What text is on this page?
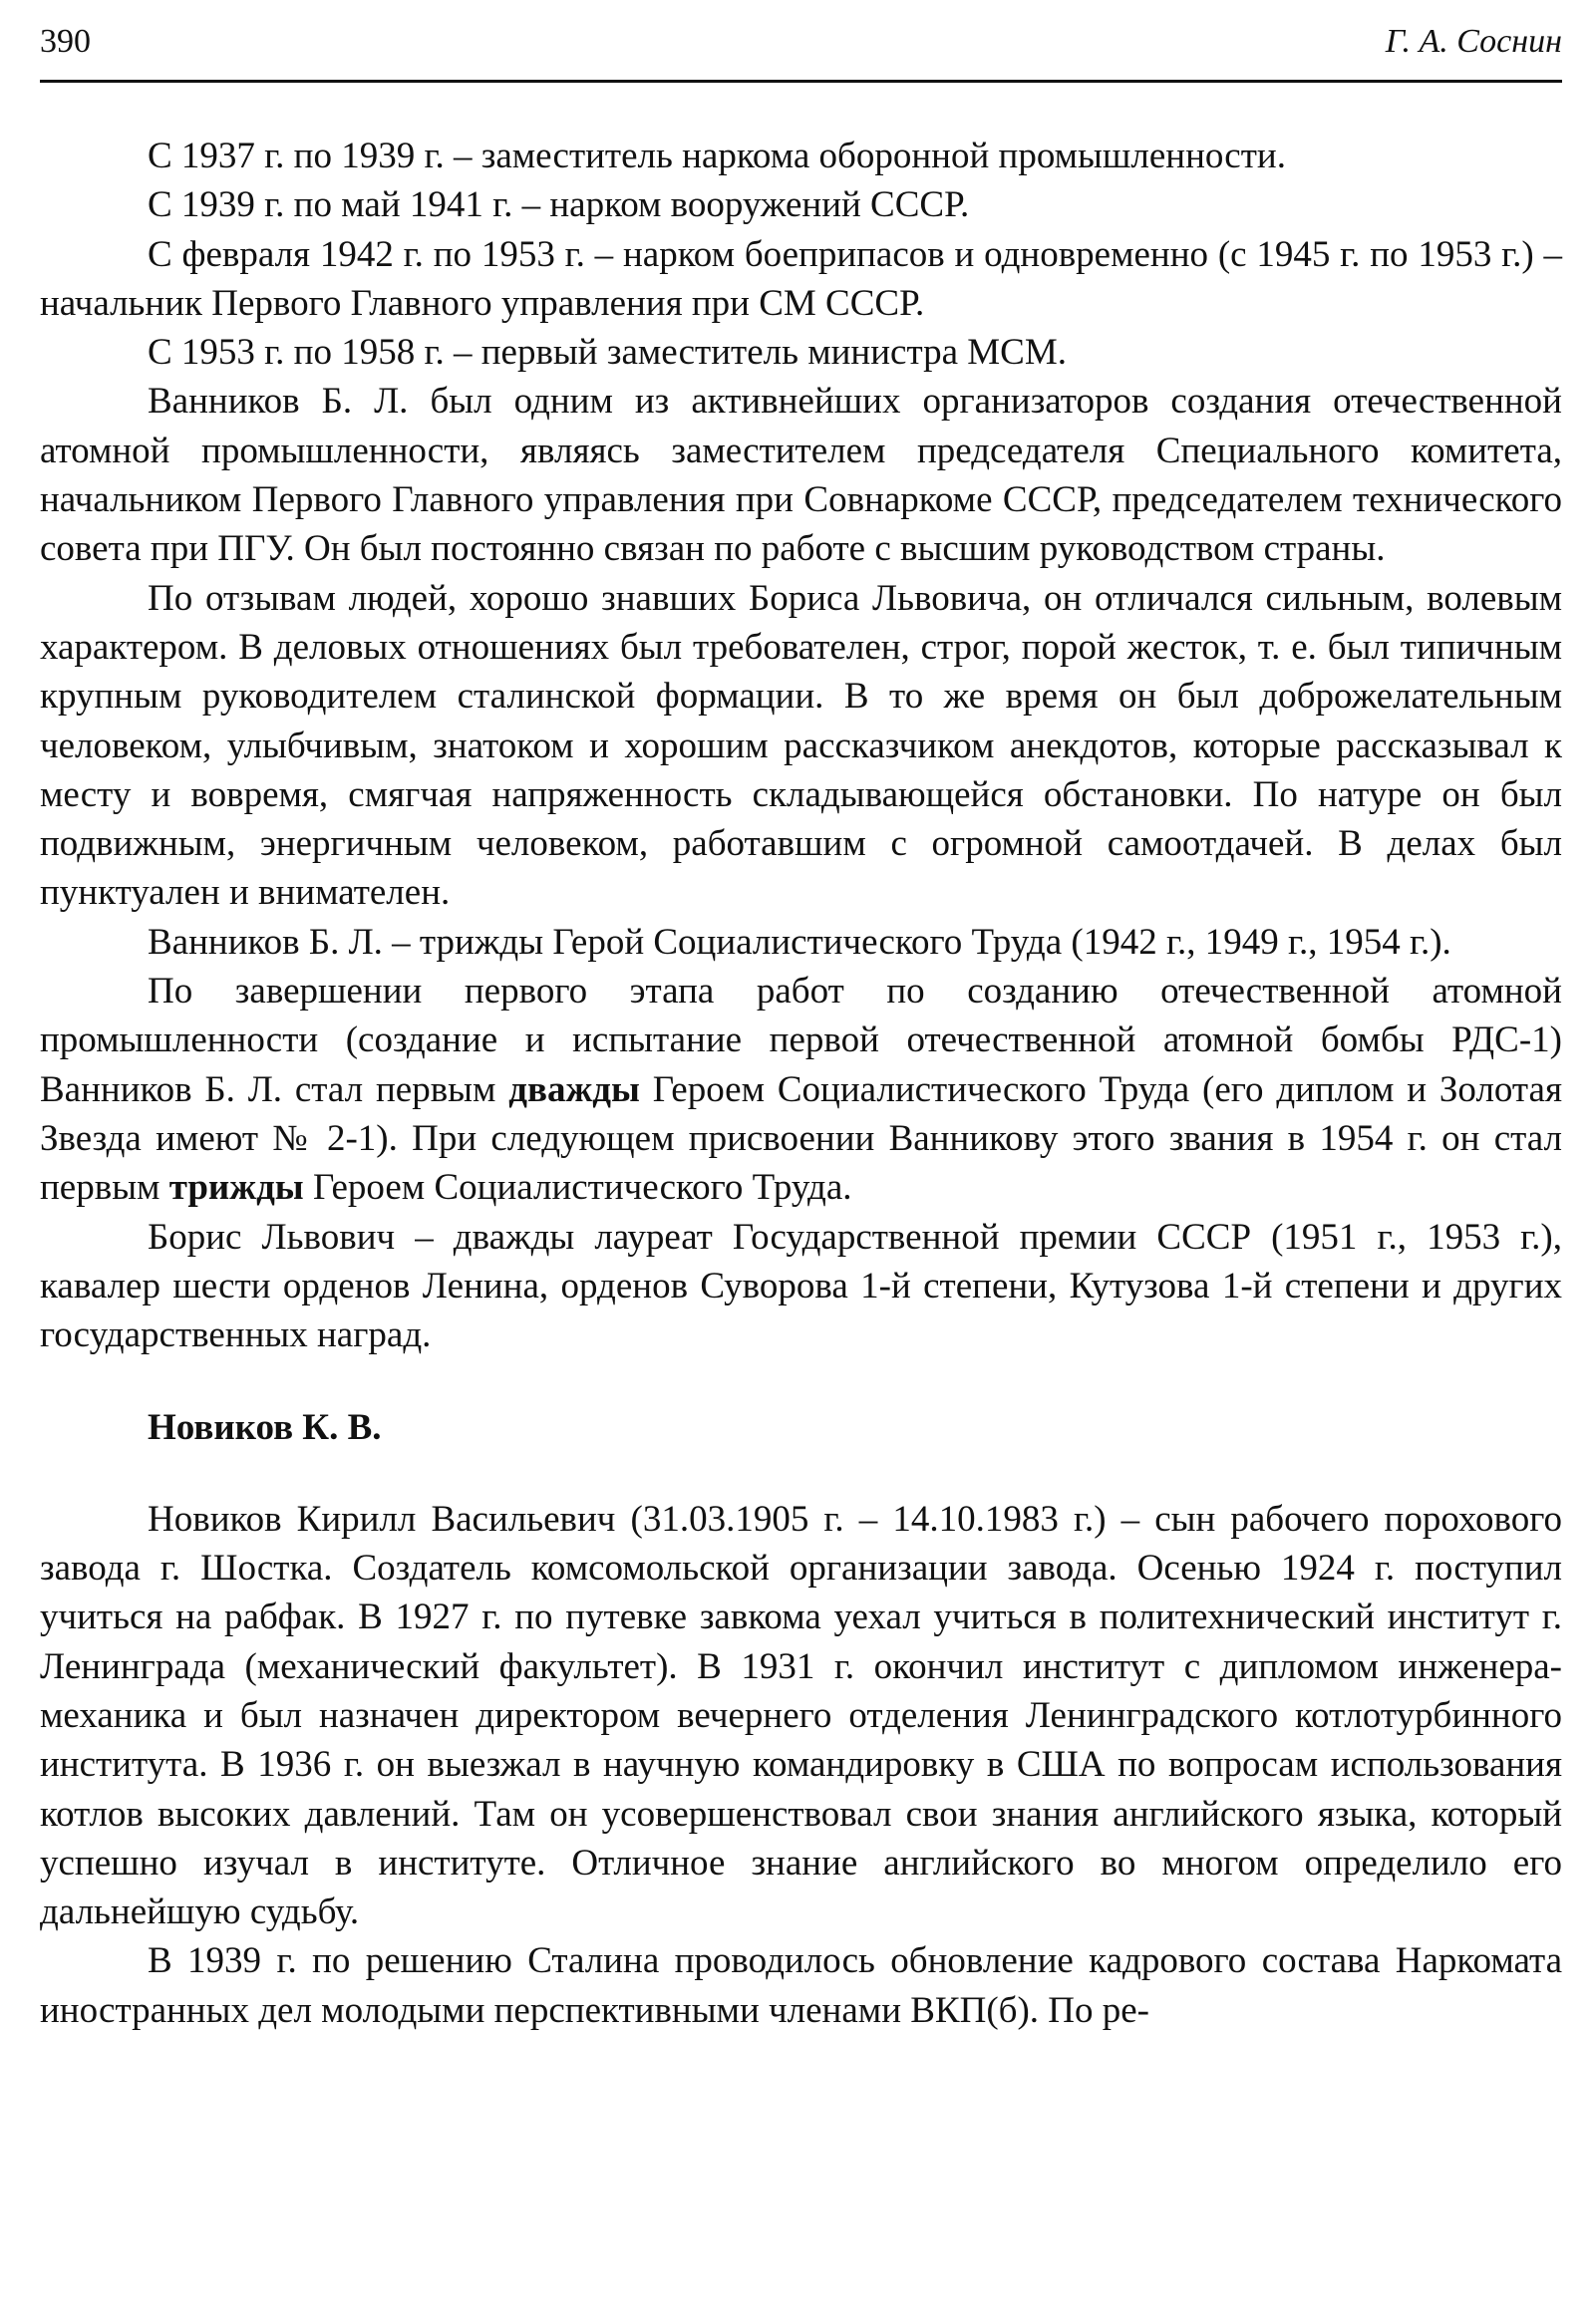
390	Г. А. Соснин

С 1937 г. по 1939 г. – заместитель наркома оборонной промышленности.

С 1939 г. по май 1941 г. – нарком вооружений СССР.

С февраля 1942 г. по 1953 г. – нарком боеприпасов и одновременно (с 1945 г. по 1953 г.) – начальник Первого Главного управления при СМ СССР.

С 1953 г. по 1958 г. – первый заместитель министра МСМ.

Ванников Б. Л. был одним из активнейших организаторов создания отечественной атомной промышленности, являясь заместителем председателя Специального комитета, начальником Первого Главного управления при Совнаркоме СССР, председателем технического совета при ПГУ. Он был постоянно связан по работе с высшим руководством страны.

По отзывам людей, хорошо знавших Бориса Львовича, он отличался сильным, волевым характером. В деловых отношениях был требователен, строг, порой жесток, т. е. был типичным крупным руководителем сталинской формации. В то же время он был доброжелательным человеком, улыбчивым, знатоком и хорошим рассказчиком анекдотов, которые рассказывал к месту и вовремя, смягчая напряженность складывающейся обстановки. По натуре он был подвижным, энергичным человеком, работавшим с огромной самоотдачей. В делах был пунктуален и внимателен.

Ванников Б. Л. – трижды Герой Социалистического Труда (1942 г., 1949 г., 1954 г.).

По завершении первого этапа работ по созданию отечественной атомной промышленности (создание и испытание первой отечественной атомной бомбы РДС-1) Ванников Б. Л. стал первым дважды Героем Социалистического Труда (его диплом и Золотая Звезда имеют № 2-1). При следующем присвоении Ванникову этого звания в 1954 г. он стал первым трижды Героем Социалистического Труда.

Борис Львович – дважды лауреат Государственной премии СССР (1951 г., 1953 г.), кавалер шести орденов Ленина, орденов Суворова 1-й степени, Кутузова 1-й степени и других государственных наград.

Новиков К. В.

Новиков Кирилл Васильевич (31.03.1905 г. – 14.10.1983 г.) – сын рабочего порохового завода г. Шостка. Создатель комсомольской организации завода. Осенью 1924 г. поступил учиться на рабфак. В 1927 г. по путевке завкома уехал учиться в политехнический институт г. Ленинграда (механический факультет). В 1931 г. окончил институт с дипломом инженера-механика и был назначен директором вечернего отделения Ленинградского котлотурбинного института. В 1936 г. он выезжал в научную командировку в США по вопросам использования котлов высоких давлений. Там он усовершенствовал свои знания английского языка, который успешно изучал в институте. Отличное знание английского во многом определило его дальнейшую судьбу.

В 1939 г. по решению Сталина проводилось обновление кадрового состава Наркомата иностранных дел молодыми перспективными членами ВКП(б). По ре-
